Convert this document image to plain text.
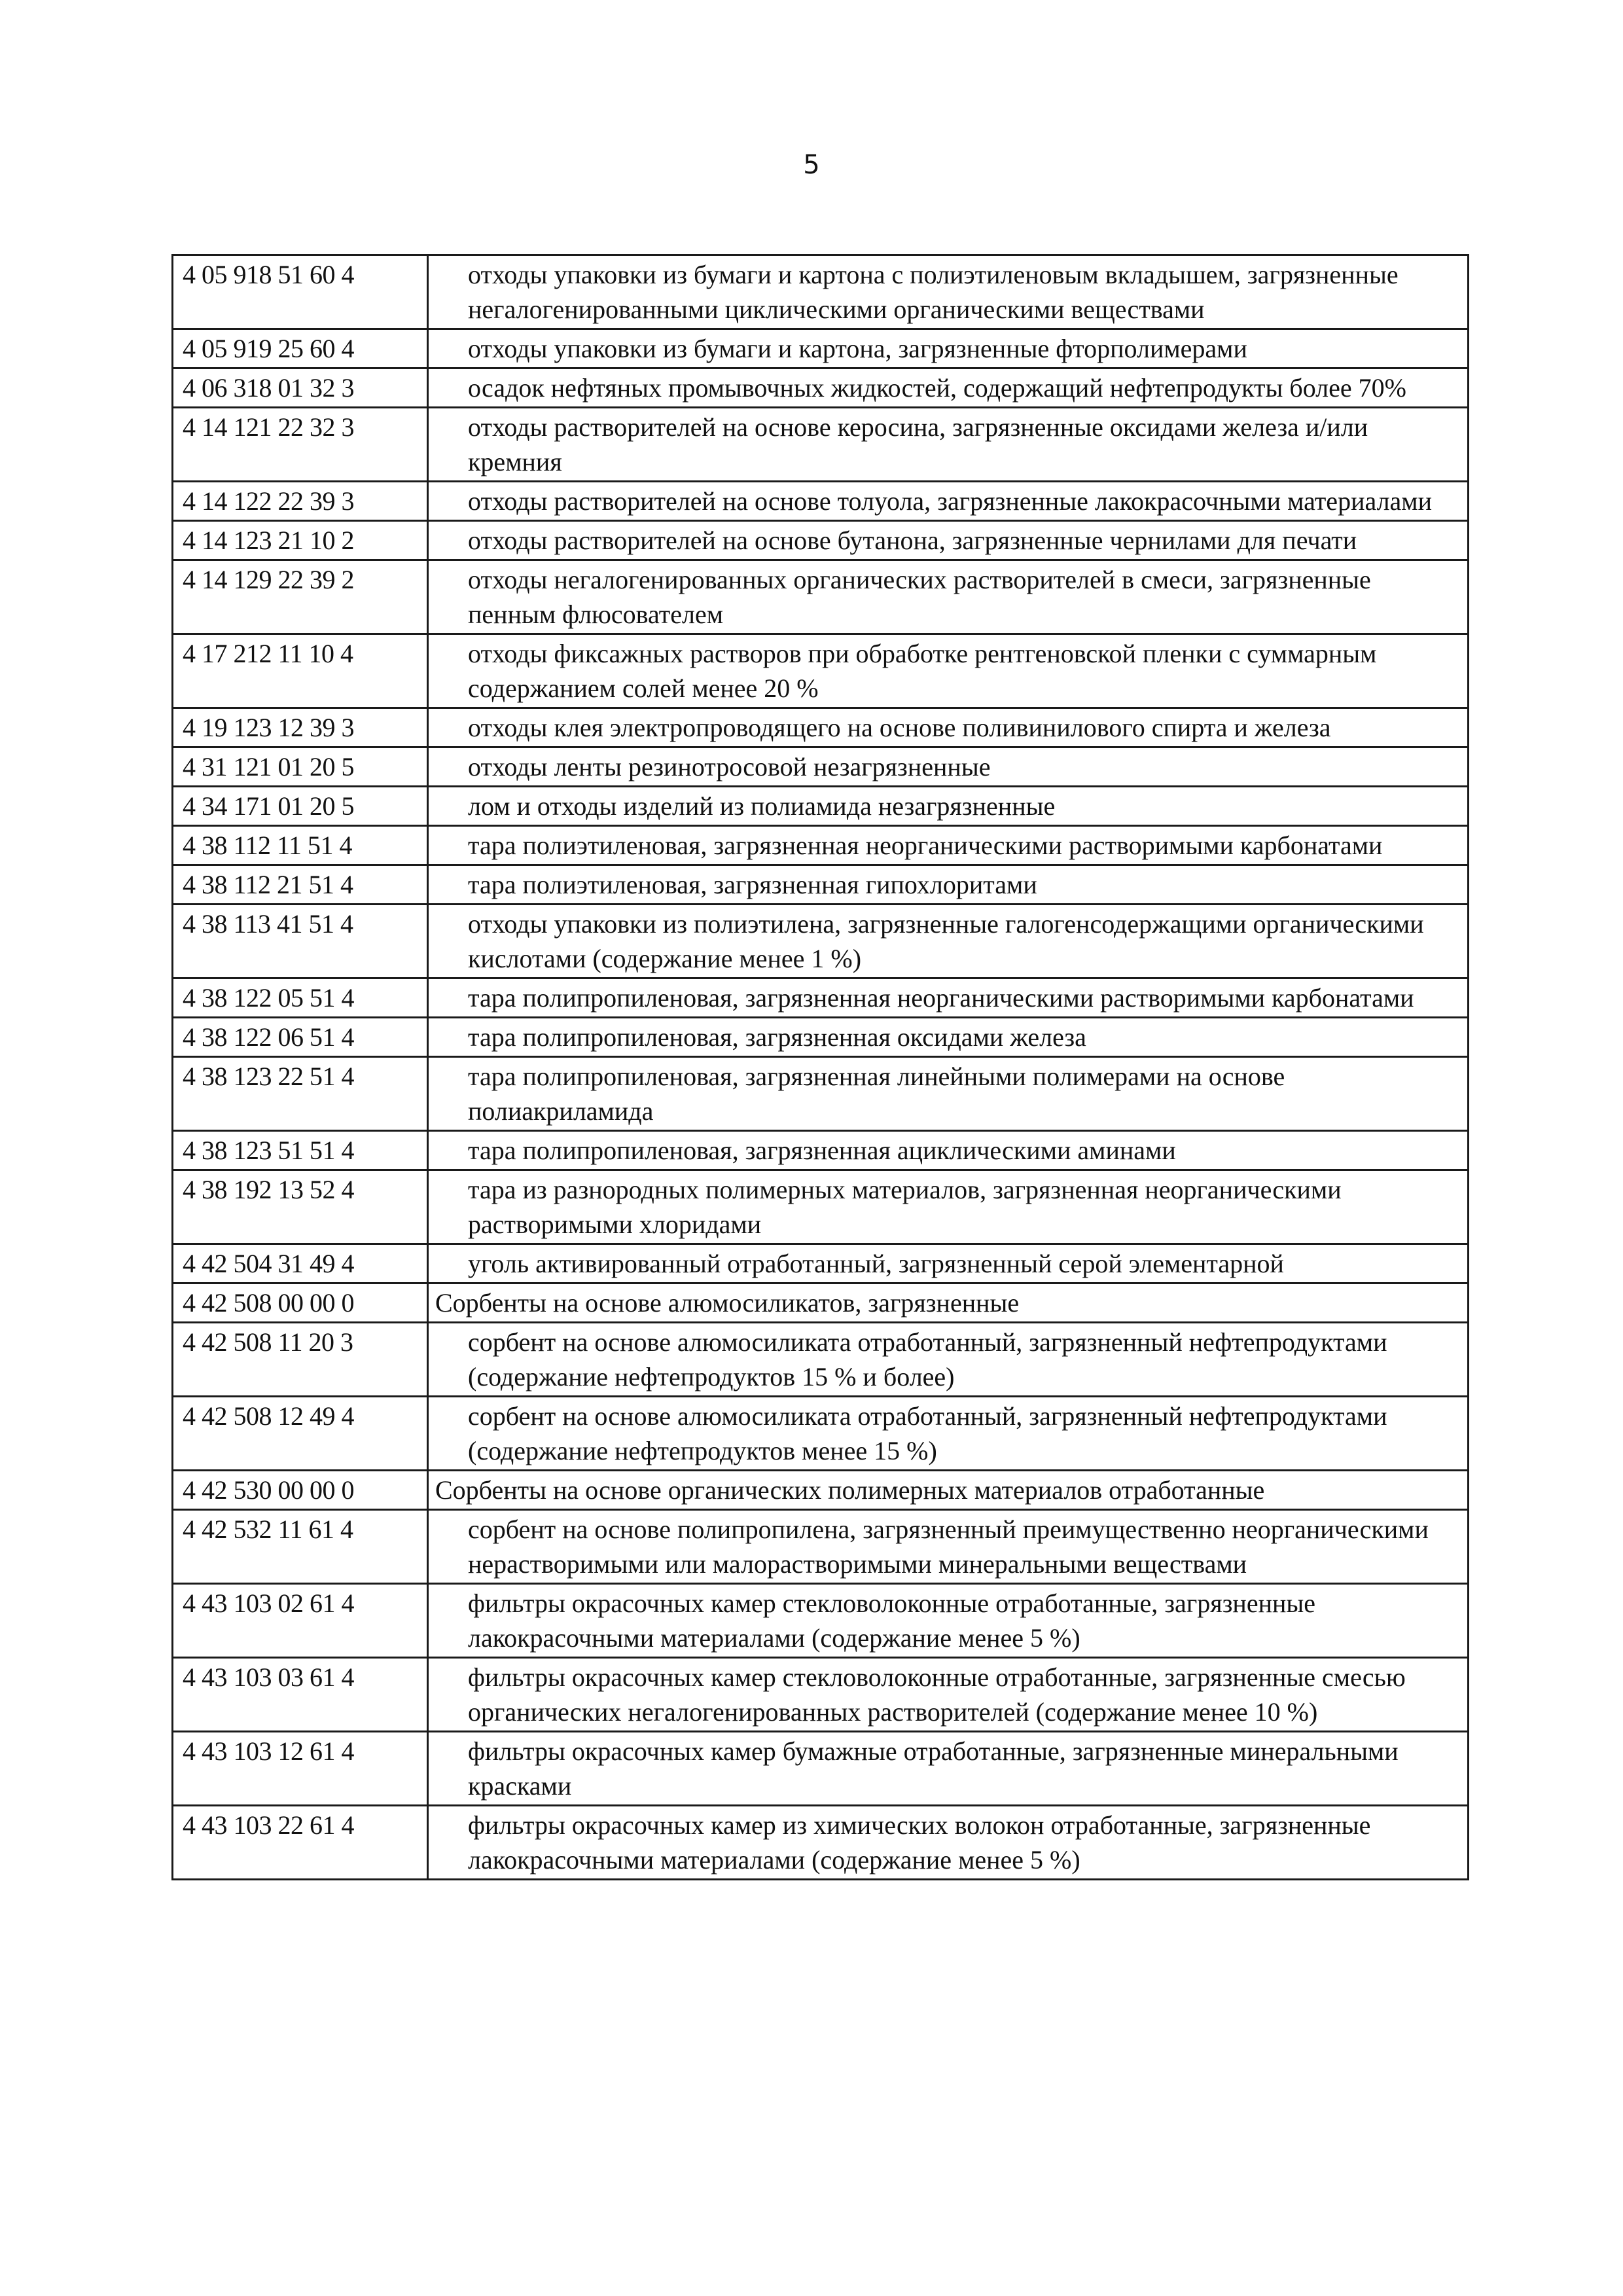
5
4 05 918 51 60 4	отходы упаковки из бумаги и картона с полиэтиленовым вкладышем, загрязненные негалогенированными циклическими органическими веществами
4 05 919 25 60 4	отходы упаковки из бумаги и картона, загрязненные фторполимерами
4 06 318 01 32 3	осадок нефтяных промывочных жидкостей, содержащий нефтепродукты более 70%
4 14 121 22 32 3	отходы растворителей на основе керосина, загрязненные оксидами железа и/или кремния
4 14 122 22 39 3	отходы растворителей на основе толуола, загрязненные лакокрасочными материалами
4 14 123 21 10 2	отходы растворителей на основе бутанона, загрязненные чернилами для печати
4 14 129 22 39 2	отходы негалогенированных органических растворителей в смеси, загрязненные пенным флюсователем
4 17 212 11 10 4	отходы фиксажных растворов при обработке рентгеновской пленки с суммарным содержанием солей менее 20 %
4 19 123 12 39 3	отходы клея электропроводящего на основе поливинилового спирта и железа
4 31 121 01 20 5	отходы ленты резинотросовой незагрязненные
4 34 171 01 20 5	лом и отходы изделий из полиамида незагрязненные
4 38 112 11 51 4	тара полиэтиленовая, загрязненная неорганическими растворимыми карбонатами
4 38 112 21 51 4	тара полиэтиленовая, загрязненная гипохлоритами
4 38 113 41 51 4	отходы упаковки из полиэтилена, загрязненные галогенсодержащими органическими кислотами (содержание менее 1 %)
4 38 122 05 51 4	тара полипропиленовая, загрязненная неорганическими растворимыми карбонатами
4 38 122 06 51 4	тара полипропиленовая, загрязненная оксидами железа
4 38 123 22 51 4	тара полипропиленовая, загрязненная линейными полимерами на основе полиакриламида
4 38 123 51 51 4	тара полипропиленовая, загрязненная ациклическими аминами
4 38 192 13 52 4	тара из разнородных полимерных материалов, загрязненная неорганическими растворимыми хлоридами
4 42 504 31 49 4	уголь активированный отработанный, загрязненный серой элементарной
4 42 508 00 00 0	Сорбенты на основе алюмосиликатов, загрязненные
4 42 508 11 20 3	сорбент на основе алюмосиликата отработанный, загрязненный нефтепродуктами (содержание нефтепродуктов 15 % и более)
4 42 508 12 49 4	сорбент на основе алюмосиликата отработанный, загрязненный нефтепродуктами (содержание нефтепродуктов менее 15 %)
4 42 530 00 00 0	Сорбенты на основе органических полимерных материалов отработанные
4 42 532 11 61 4	сорбент на основе полипропилена, загрязненный преимущественно неорганическими нерастворимыми или малорастворимыми минеральными веществами
4 43 103 02 61 4	фильтры окрасочных камер стекловолоконные отработанные, загрязненные лакокрасочными материалами (содержание менее 5 %)
4 43 103 03 61 4	фильтры окрасочных камер стекловолоконные отработанные, загрязненные смесью органических негалогенированных растворителей (содержание менее 10 %)
4 43 103 12 61 4	фильтры окрасочных камер бумажные отработанные, загрязненные минеральными красками
4 43 103 22 61 4	фильтры окрасочных камер из химических волокон отработанные, загрязненные лакокрасочными материалами (содержание менее 5 %)
